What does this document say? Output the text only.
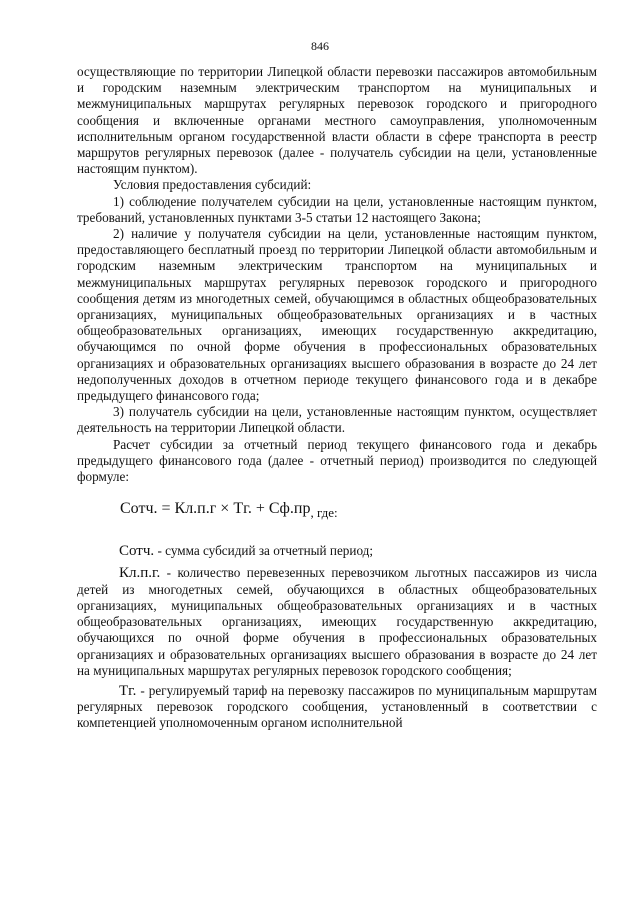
846

осуществляющие по территории Липецкой области перевозки пассажиров автомобильным и городским наземным электрическим транспортом на муниципальных и межмуниципальных маршрутах регулярных перевозок городского и пригородного сообщения и включенные органами местного самоуправления, уполномоченным исполнительным органом государственной власти области в сфере транспорта в реестр маршрутов регулярных перевозок (далее - получатель субсидии на цели, установленные настоящим пунктом).

Условия предоставления субсидий:

1) соблюдение получателем субсидии на цели, установленные настоящим пунктом, требований, установленных пунктами 3-5 статьи 12 настоящего Закона;

2) наличие у получателя субсидии на цели, установленные настоящим пунктом, предоставляющего бесплатный проезд по территории Липецкой области автомобильным и городским наземным электрическим транспортом на муниципальных и межмуниципальных маршрутах регулярных перевозок городского и пригородного сообщения детям из многодетных семей, обучающимся в областных общеобразовательных организациях, муниципальных общеобразовательных организациях и в частных общеобразовательных организациях, имеющих государственную аккредитацию, обучающимся по очной форме обучения в профессиональных образовательных организациях и образовательных организациях высшего образования в возрасте до 24 лет недополученных доходов в отчетном периоде текущего финансового года и в декабре предыдущего финансового года;

3) получатель субсидии на цели, установленные настоящим пунктом, осуществляет деятельность на территории Липецкой области.

Расчет субсидии за отчетный период текущего финансового года и декабрь предыдущего финансового года (далее - отчетный период) производится по следующей формуле:

Сотч. = Кл.п.г × Тг. + $Сф.пр_{, где:}$

Сотч. - сумма субсидий за отчетный период;

Кл.п.г. - количество перевезенных перевозчиком льготных пассажиров из числа детей из многодетных семей, обучающихся в областных общеобразовательных организациях, муниципальных общеобразовательных организациях и в частных общеобразовательных организациях, имеющих государственную аккредитацию, обучающихся по очной форме обучения в профессиональных образовательных организациях и образовательных организациях высшего образования в возрасте до 24 лет на муниципальных маршрутах регулярных перевозок городского сообщения;

Тг. - регулируемый тариф на перевозку пассажиров по муниципальным маршрутам регулярных перевозок городского сообщения, установленный в соответствии с компетенцией уполномоченным органом исполнительной
